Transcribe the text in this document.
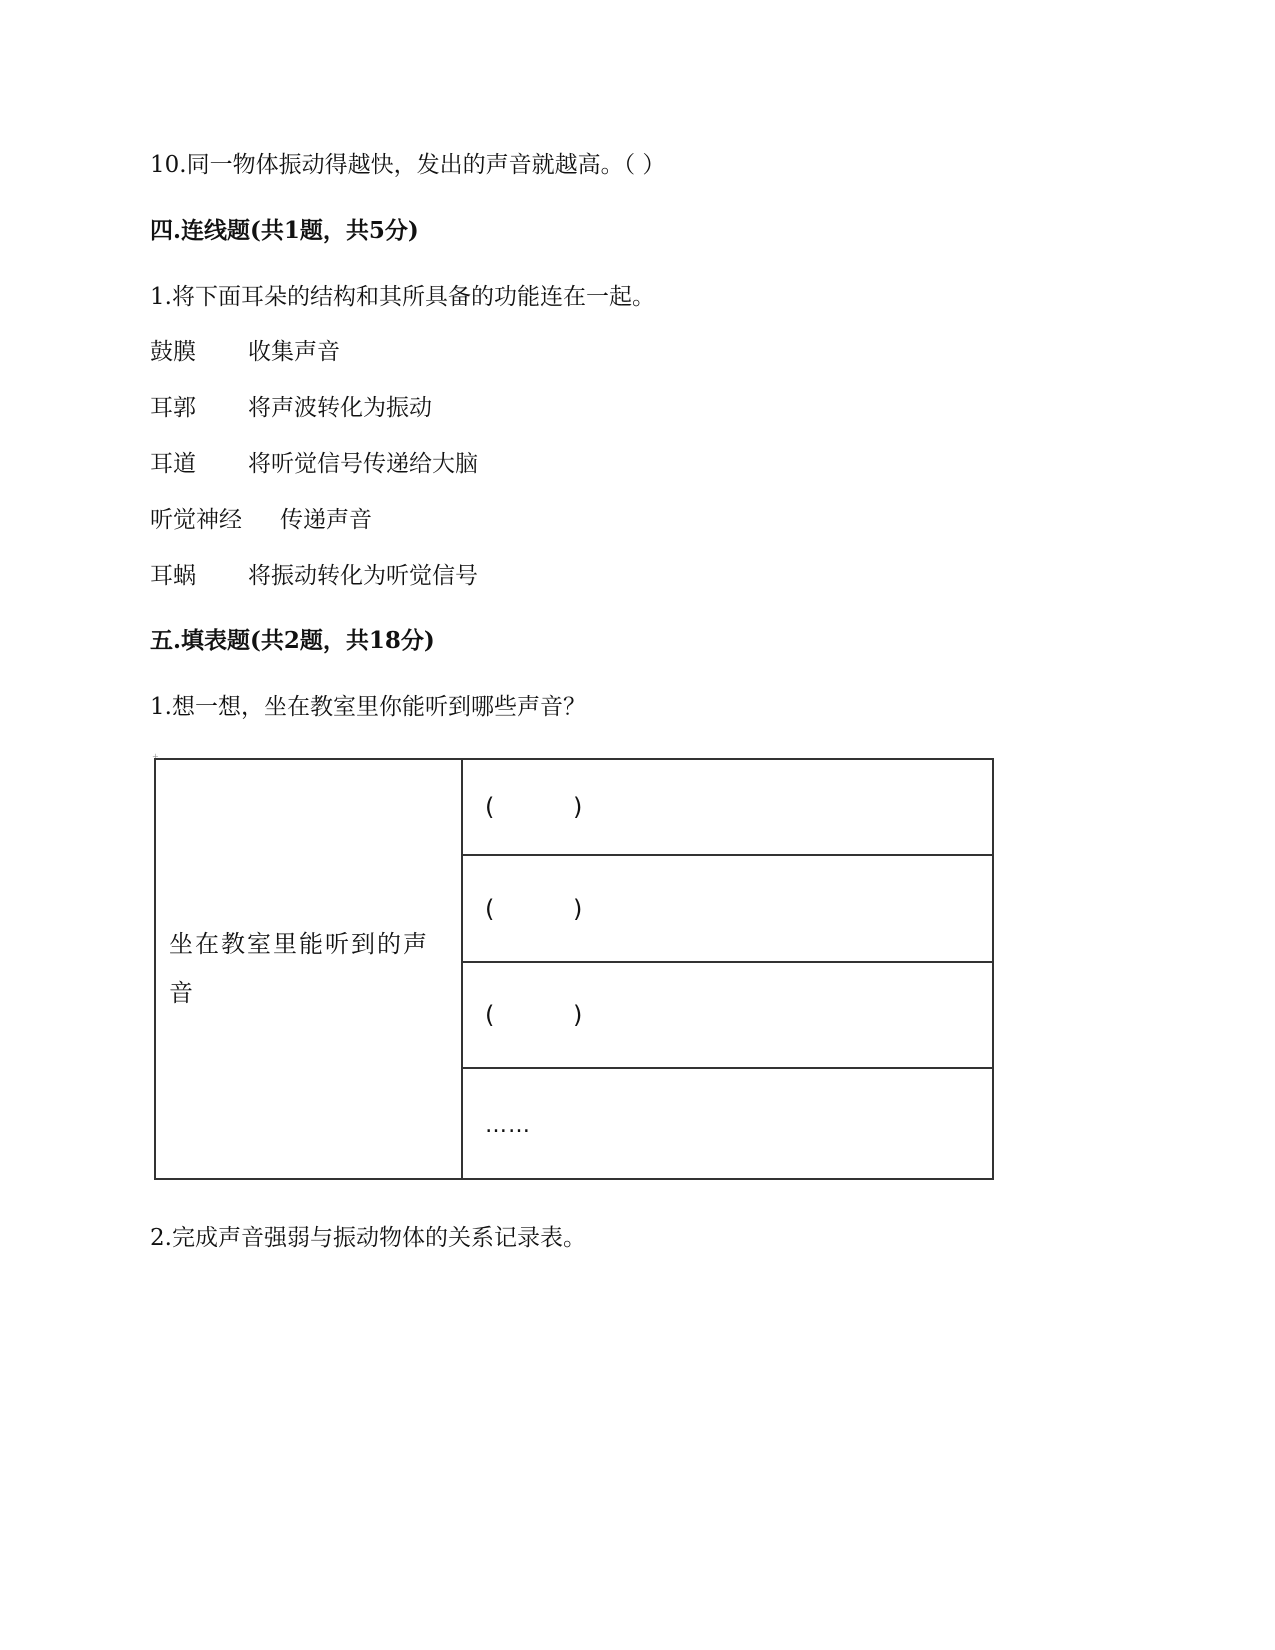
10.同一物体振动得越快，发出的声音就越高。（ ）
四.连线题(共1题，共5分)
1.将下面耳朵的结构和其所具备的功能连在一起。
鼓膜 收集声音
耳郭 将声波转化为振动
耳道 将听觉信号传递给大脑
听觉神经 传递声音
耳蜗 将振动转化为听觉信号
五.填表题(共2题，共18分)
1.想一想，坐在教室里你能听到哪些声音？
+
坐在教室里能听到的声音	(	)
(	)
(	)
……
2.完成声音强弱与振动物体的关系记录表。
